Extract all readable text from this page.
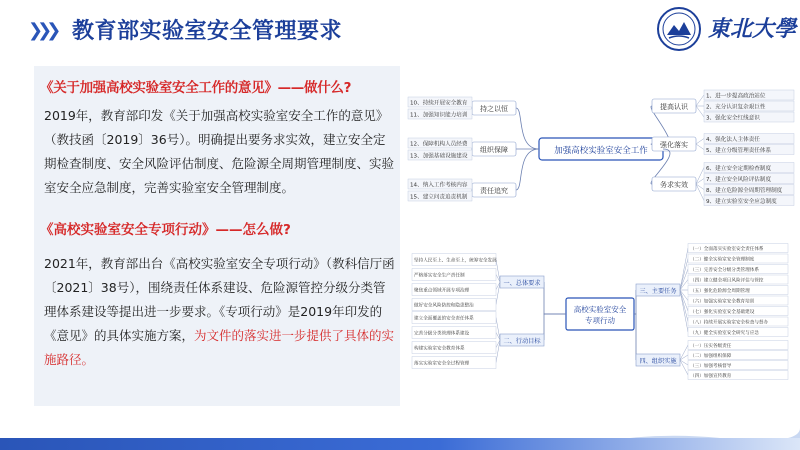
❯ ❯ ❯ 教育部实验室安全管理要求	東北大學
《关于加强高校实验室安全工作的意见》——做什么?
2019年，教育部印发《关于加强高校实验室安全工作的意见》（教技函〔2019〕36号）。明确提出要务求实效，建立安全定期检查制度、安全风险评估制度、危险源全周期管理制度、实验室安全应急制度，完善实验室安全管理制度。
《高校实验室安全专项行动》——怎么做?
2021年，教育部出台《高校实验室安全专项行动》（教科信厅函〔2021〕38号），围绕责任体系建设、危险源管控分级分类管理体系建设等提出进一步要求。《专项行动》是2019年印发的《意见》的具体实施方案，为文件的落实进一步提供了具体的实施路径。
加强高校实验室安全工作
持之以恒
10、持续开展安全教育
11、加强知识能力培训
组织保障
12、保障机构人员经费
13、加强基础设施建设
责任追究
14、纳入工作考核内容
15、建立问责追责机制
提高认识
1、进一步提高政治站位
2、充分认识复杂艰巨性
3、强化安全红线意识
强化落实
4、强化法人主体责任
5、建立分级管理责任体系
务求实效
6、建立安全定期检查制度
7、建立安全风险评估制度
8、建立危险源全周期管理制度
9、建立实验室安全应急制度
高校实验室安全
专项行动
一、总体要求
坚持人民至上、生命至上，统筹安全发展
严格落实安全生产责任制
聚焦重点领域开展专项治理
做好安全风险防控和隐患整治
二、行动目标
建立全面覆盖的安全责任体系
完善分级分类管理体系建设
构建实验室安全教育体系
落实实验室安全全过程管理
三、主要任务
（一）全面落实实验室安全责任体系
（二）健全实验室安全管理制度
（三）完善安全分级分类管理体系
（四）建立健全项目风险评估与管控
（五）强化危险源全周期管理
（六）加强实验室安全教育培训
（七）强化实验室安全基础建设
（八）持续开展实验室安全检查与督办
（九）健全实验室安全研究与应急
四、组织实施
（一）压实各级责任
（二）加强组织保障
（三）加强考核督导
（四）加强宣传教育
